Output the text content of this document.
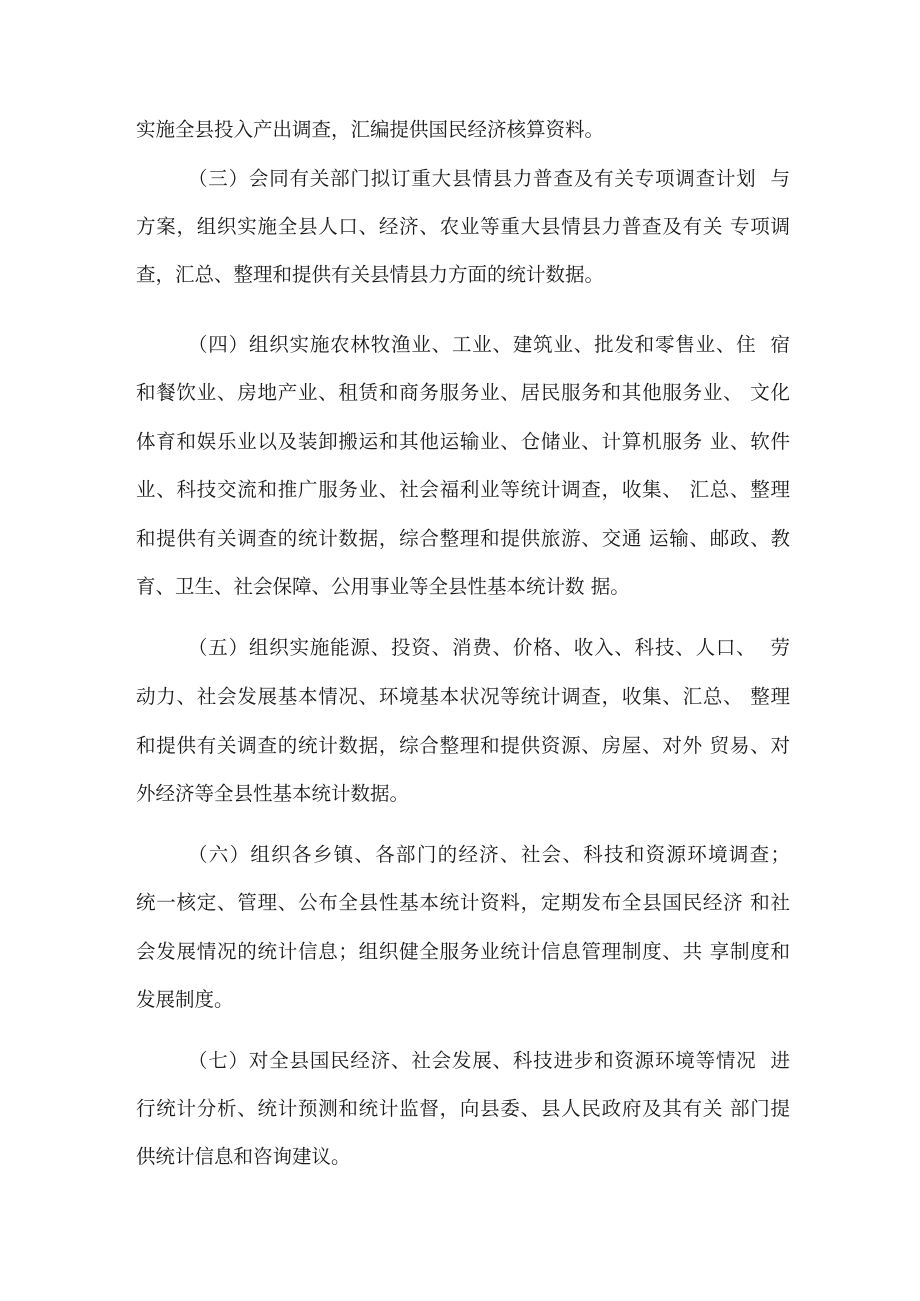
实施全县投入产出调查，汇编提供国民经济核算资料。
（三）会同有关部门拟订重大县情县力普查及有关专项调查计划  与
方案，组织实施全县人口、经济、农业等重大县情县力普查及有关 专项调
查，汇总、整理和提供有关县情县力方面的统计数据。
（四）组织实施农林牧渔业、工业、建筑业、批发和零售业、住  宿
和餐饮业、房地产业、租赁和商务服务业、居民服务和其他服务业、 文化
体育和娱乐业以及装卸搬运和其他运输业、仓储业、计算机服务 业、软件
业、科技交流和推广服务业、社会福利业等统计调查，收集、 汇总、整理
和提供有关调查的统计数据，综合整理和提供旅游、交通 运输、邮政、教
育、卫生、社会保障、公用事业等全县性基本统计数 据。
（五）组织实施能源、投资、消费、价格、收入、科技、人口、  劳
动力、社会发展基本情况、环境基本状况等统计调查，收集、汇总、 整理
和提供有关调查的统计数据，综合整理和提供资源、房屋、对外 贸易、对
外经济等全县性基本统计数据。
（六）组织各乡镇、各部门的经济、社会、科技和资源环境调查；
统一核定、管理、公布全县性基本统计资料，定期发布全县国民经济 和社
会发展情况的统计信息；组织健全服务业统计信息管理制度、共 享制度和
发展制度。
（七）对全县国民经济、社会发展、科技进步和资源环境等情况  进
行统计分析、统计预测和统计监督，向县委、县人民政府及其有关 部门提
供统计信息和咨询建议。
